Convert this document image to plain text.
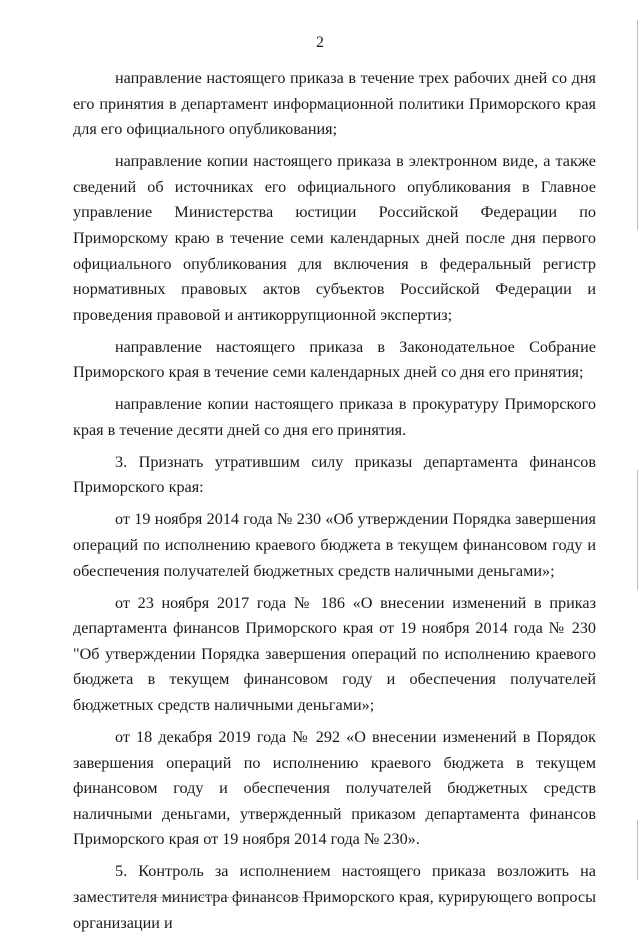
2

направление настоящего приказа в течение трех рабочих дней со дня его принятия в департамент информационной политики Приморского края для его официального опубликования;

направление копии настоящего приказа в электронном виде, а также сведений об источниках его официального опубликования в Главное управление Министерства юстиции Российской Федерации по Приморскому краю в течение семи календарных дней после дня первого официального опубликования для включения в федеральный регистр нормативных правовых актов субъектов Российской Федерации и проведения правовой и антикоррупционной экспертиз;

направление настоящего приказа в Законодательное Собрание Приморского края в течение семи календарных дней со дня его принятия;

направление копии настоящего приказа в прокуратуру Приморского края в течение десяти дней со дня его принятия.

3. Признать утратившим силу приказы департамента финансов Приморского края:

от 19 ноября 2014 года № 230 «Об утверждении Порядка завершения операций по исполнению краевого бюджета в текущем финансовом году и обеспечения получателей бюджетных средств наличными деньгами»;

от 23 ноября 2017 года № 186 «О внесении изменений в приказ департамента финансов Приморского края от 19 ноября 2014 года № 230 "Об утверждении Порядка завершения операций по исполнению краевого бюджета в текущем финансовом году и обеспечения получателей бюджетных средств наличными деньгами»;

от 18 декабря 2019 года № 292 «О внесении изменений в Порядок завершения операций по исполнению краевого бюджета в текущем финансовом году и обеспечения получателей бюджетных средств наличными деньгами, утвержденный приказом департамента финансов Приморского края от 19 ноября 2014 года № 230».

5. Контроль за исполнением настоящего приказа возложить на заместителя министра финансов Приморского края, курирующего вопросы организации и
